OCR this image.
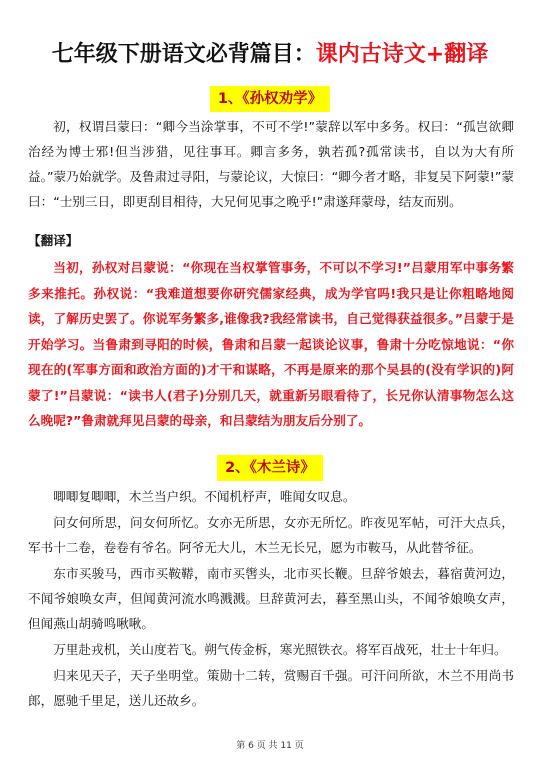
七年级下册语文必背篇目：课内古诗文+翻译
1、《孙权劝学》

初，权谓吕蒙曰：“卿今当涂掌事，不可不学!”蒙辞以军中多务。权曰：“孤岂欲卿治经为博士邪!但当涉猎，见往事耳。卿言多务，孰若孤?孤常读书，自以为大有所益。”蒙乃始就学。及鲁肃过寻阳，与蒙论议，大惊曰：“卿今者才略，非复吴下阿蒙!”蒙曰：“士别三日，即更刮目相待，大兄何见事之晚乎!”肃遂拜蒙母，结友而别。

【翻译】

当初，孙权对吕蒙说：“你现在当权掌管事务，不可以不学习!”吕蒙用军中事务繁多来推托。孙权说：“我难道想要你研究儒家经典，成为学官吗!我只是让你粗略地阅读，了解历史罢了。你说军务繁多,谁像我?我经常读书，自己觉得获益很多。”吕蒙于是开始学习。当鲁肃到寻阳的时候，鲁肃和吕蒙一起谈论议事，鲁肃十分吃惊地说：“你现在的(军事方面和政治方面的)才干和谋略，不再是原来的那个吴县的(没有学识的)阿蒙了!”吕蒙说：“读书人(君子)分别几天，就重新另眼看待了，长兄你认清事物怎么这么晚呢?”鲁肃就拜见吕蒙的母亲，和吕蒙结为朋友后分别了。

2、《木兰诗》

唧唧复唧唧，木兰当户织。不闻机杼声，唯闻女叹息。

问女何所思，问女何所忆。女亦无所思，女亦无所忆。昨夜见军帖，可汗大点兵，军书十二卷，卷卷有爷名。阿爷无大儿，木兰无长兄，愿为市鞍马，从此替爷征。

东市买骏马，西市买鞍鞯，南市买辔头，北市买长鞭。旦辞爷娘去，暮宿黄河边，不闻爷娘唤女声，但闻黄河流水鸣溅溅。旦辞黄河去，暮至黑山头，不闻爷娘唤女声，但闻燕山胡骑鸣啾啾。

万里赴戎机，关山度若飞。朔气传金柝，寒光照铁衣。将军百战死，壮士十年归。

归来见天子，天子坐明堂。策勋十二转，赏赐百千强。可汗问所欲，木兰不用尚书郎，愿驰千里足，送儿还故乡。

第 6 页 共 11 页
